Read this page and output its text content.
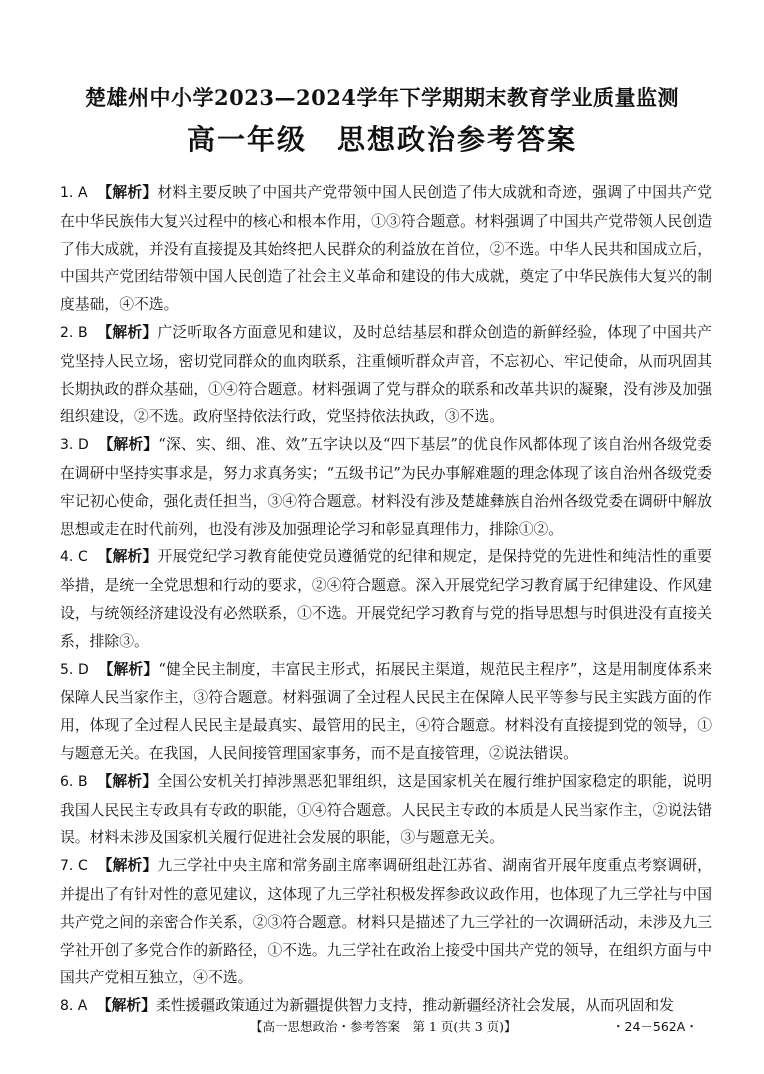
楚雄州中小学2023—2024学年下学期期末教育学业质量监测
高一年级　思想政治参考答案

1. A 【解析】材料主要反映了中国共产党带领中国人民创造了伟大成就和奇迹，强调了中国共产党在中华民族伟大复兴过程中的核心和根本作用，①③符合题意。材料强调了中国共产党带领人民创造了伟大成就，并没有直接提及其始终把人民群众的利益放在首位，②不选。中华人民共和国成立后，中国共产党团结带领中国人民创造了社会主义革命和建设的伟大成就，奠定了中华民族伟大复兴的制度基础，④不选。

2. B 【解析】广泛听取各方面意见和建议，及时总结基层和群众创造的新鲜经验，体现了中国共产党坚持人民立场，密切党同群众的血肉联系，注重倾听群众声音，不忘初心、牢记使命，从而巩固其长期执政的群众基础，①④符合题意。材料强调了党与群众的联系和改革共识的凝聚，没有涉及加强组织建设，②不选。政府坚持依法行政，党坚持依法执政，③不选。

3. D 【解析】“深、实、细、准、效”五字诀以及“四下基层”的优良作风都体现了该自治州各级党委在调研中坚持实事求是，努力求真务实；“五级书记”为民办事解难题的理念体现了该自治州各级党委牢记初心使命，强化责任担当，③④符合题意。材料没有涉及楚雄彝族自治州各级党委在调研中解放思想或走在时代前列，也没有涉及加强理论学习和彰显真理伟力，排除①②。

4. C 【解析】开展党纪学习教育能使党员遵循党的纪律和规定，是保持党的先进性和纯洁性的重要举措，是统一全党思想和行动的要求，②④符合题意。深入开展党纪学习教育属于纪律建设、作风建设，与统领经济建设没有必然联系，①不选。开展党纪学习教育与党的指导思想与时俱进没有直接关系，排除③。

5. D 【解析】“健全民主制度，丰富民主形式，拓展民主渠道，规范民主程序”，这是用制度体系来保障人民当家作主，③符合题意。材料强调了全过程人民民主在保障人民平等参与民主实践方面的作用，体现了全过程人民民主是最真实、最管用的民主，④符合题意。材料没有直接提到党的领导，①与题意无关。在我国，人民间接管理国家事务，而不是直接管理，②说法错误。

6. B 【解析】全国公安机关打掉涉黑恶犯罪组织，这是国家机关在履行维护国家稳定的职能，说明我国人民民主专政具有专政的职能，①④符合题意。人民民主专政的本质是人民当家作主，②说法错误。材料未涉及国家机关履行促进社会发展的职能，③与题意无关。

7. C 【解析】九三学社中央主席和常务副主席率调研组赴江苏省、湖南省开展年度重点考察调研，并提出了有针对性的意见建议，这体现了九三学社积极发挥参政议政作用，也体现了九三学社与中国共产党之间的亲密合作关系，②③符合题意。材料只是描述了九三学社的一次调研活动，未涉及九三学社开创了多党合作的新路径，①不选。九三学社在政治上接受中国共产党的领导，在组织方面与中国共产党相互独立，④不选。

8. A 【解析】柔性援疆政策通过为新疆提供智力支持，推动新疆经济社会发展，从而巩固和发

【高一思想政治・参考答案　第 1 页(共 3 页)】	・24－562A・
